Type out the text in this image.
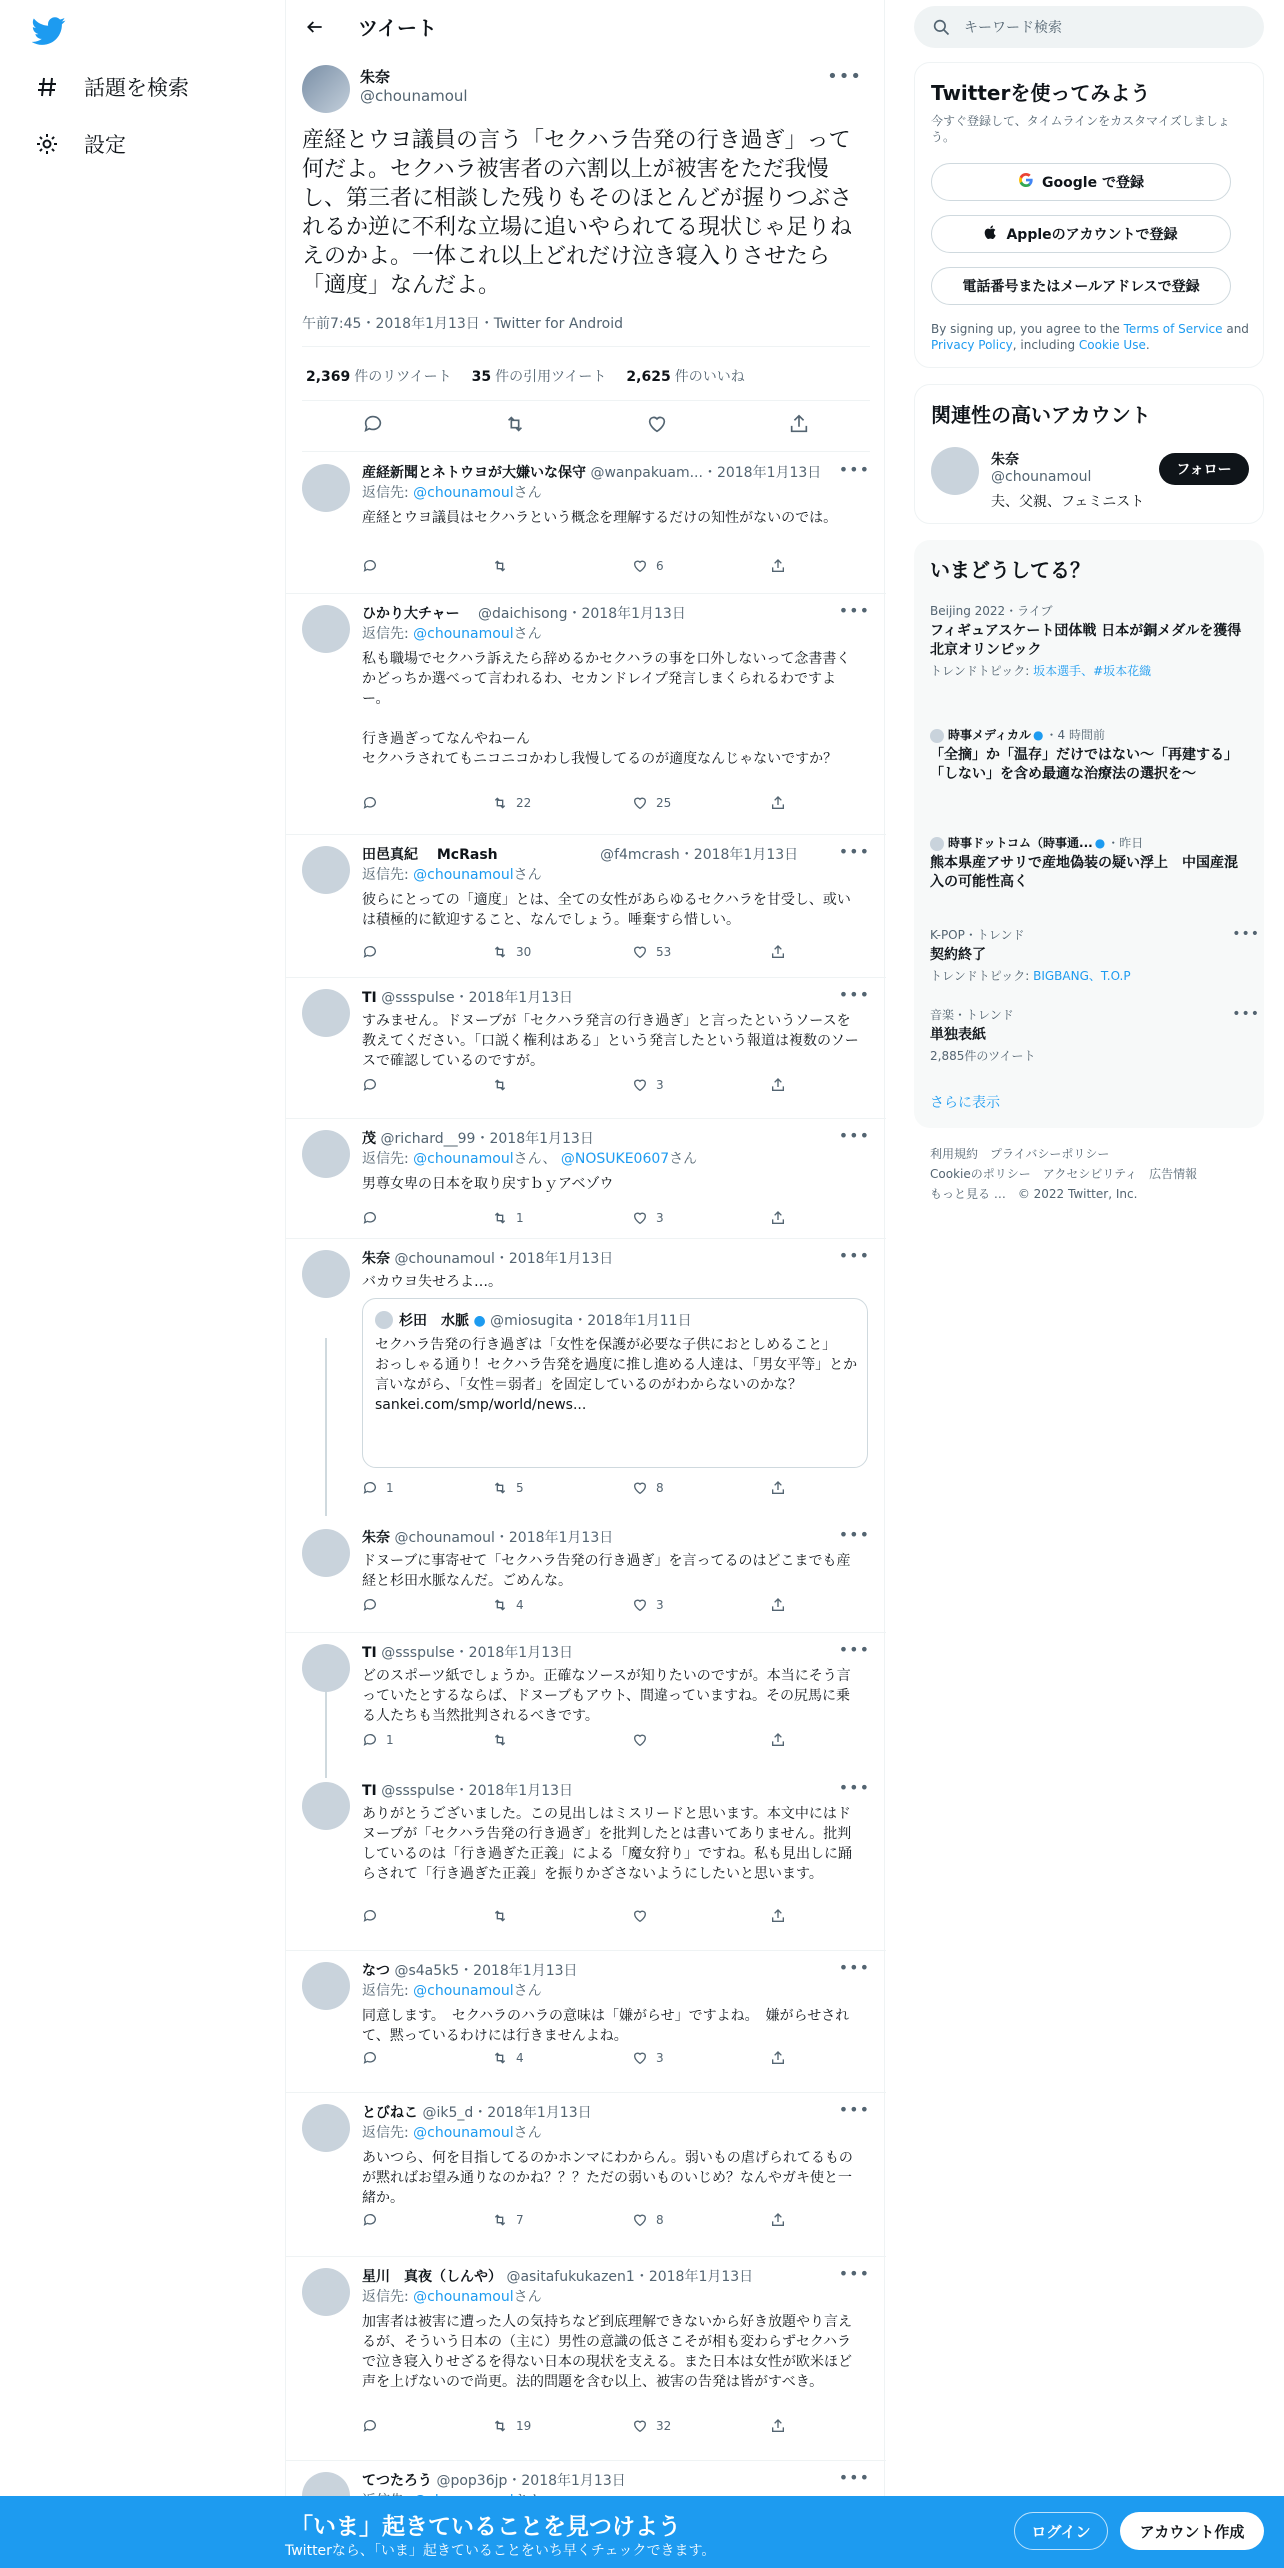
話題を検索
設定
ツイート
朱奈
@chounamoul
•••
産経とウヨ議員の言う「セクハラ告発の行き過ぎ」って何だよ。セクハラ被害者の六割以上が被害をただ我慢し、第三者に相談した残りもそのほとんどが握りつぶされるか逆に不利な立場に追いやられてる現状じゃ足りねえのかよ。一体これ以上どれだけ泣き寝入りさせたら「適度」なんだよ。
午前7:45・2018年1月13日・Twitter for Android
2,369 件のリツイート 35 件の引用ツイート 2,625 件のいいね
産経新聞とネトウヨが大嫌いな保守 @wanpakuam...・2018年1月13日	•••
返信先: @chounamoulさん
産経とウヨ議員はセクハラという概念を理解するだけの知性がないのでは。
6
ひかり大チャー 　@daichisong・2018年1月13日	•••
返信先: @chounamoulさん
私も職場でセクハラ訴えたら辞めるかセクハラの事を口外しないって念書書くかどっちか選べって言われるわ、セカンドレイプ発言しまくられるわですよー。

行き過ぎってなんやねーん
セクハラされてもニコニコかわし我慢してるのが適度なんじゃないですか？
22	25
田邑真紀　 McRash 　　　　　　　@f4mcrash・2018年1月13日	•••
返信先: @chounamoulさん
彼らにとっての「適度」とは、全ての女性があらゆるセクハラを甘受し、或いは積極的に歓迎すること、なんでしょう。唾棄すら惜しい。
30	53
TI @ssspulse・2018年1月13日	•••
すみません。ドヌーブが「セクハラ発言の行き過ぎ」と言ったというソースを教えてください。「口説く権利はある」という発言したという報道は複数のソースで確認しているのですが。
3
茂 @richard__99・2018年1月13日	•••
返信先: @chounamoulさん、 @NOSUKE0607さん
男尊女卑の日本を取り戻すｂｙアベゾウ
1	3
朱奈 @chounamoul・2018年1月13日	•••
バカウヨ失せろよ…。
杉田　水脈 ● @miosugita・2018年1月11日
セクハラ告発の行き過ぎは「女性を保護が必要な子供におとしめること」
おっしゃる通り！セクハラ告発を過度に推し進める人達は、「男女平等」とか言いながら、「女性＝弱者」を固定しているのがわからないのかな？
sankei.com/smp/world/news...
1	5	8
朱奈 @chounamoul・2018年1月13日	•••
ドヌーブに事寄せて「セクハラ告発の行き過ぎ」を言ってるのはどこまでも産経と杉田水脈なんだ。ごめんな。
4	3
TI @ssspulse・2018年1月13日	•••
どのスポーツ紙でしょうか。正確なソースが知りたいのですが。本当にそう言っていたとするならば、ドヌーブもアウト、間違っていますね。その尻馬に乗る人たちも当然批判されるべきです。
1
TI @ssspulse・2018年1月13日	•••
ありがとうございました。この見出しはミスリードと思います。本文中にはドヌーブが「セクハラ告発の行き過ぎ」を批判したとは書いてありません。批判しているのは「行き過ぎた正義」による「魔女狩り」ですね。私も見出しに踊らされて「行き過ぎた正義」を振りかざさないようにしたいと思います。
なつ @s4a5k5・2018年1月13日	•••
返信先: @chounamoulさん
同意します。　セクハラのハラの意味は「嫌がらせ」ですよね。　嫌がらせされて、黙っているわけには行きませんよね。
4	3
とびねこ @ik5_d・2018年1月13日	•••
返信先: @chounamoulさん
あいつら、何を目指してるのかホンマにわからん。弱いもの虐げられてるものが黙ればお望み通りなのかね？？？ただの弱いものいじめ？なんやガキ使と一緒か。
7	8
星川　真夜（しんや） @asitafukukazen1・2018年1月13日	•••
返信先: @chounamoulさん
加害者は被害に遭った人の気持ちなど到底理解できないから好き放題やり言えるが、そういう日本の（主に）男性の意識の低さこそが相も変わらずセクハラで泣き寝入りせざるを得ない日本の現状を支える。また日本は女性が欧米ほど声を上げないので尚更。法的問題を含む以上、被害の告発は皆がすべき。
19	32
てつたろう @pop36jp・2018年1月13日	•••
キーワード検索
Twitterを使ってみよう
今すぐ登録して、タイムラインをカスタマイズしましょう。
Google で登録
Appleのアカウントで登録
電話番号またはメールアドレスで登録
By signing up, you agree to the Terms of Service and Privacy Policy, including Cookie Use.
関連性の高いアカウント
朱奈
@chounamoul
夫、父親、フェミニスト
フォロー
いまどうしてる？
Beijing 2022・ライブ
フィギュアスケート団体戦 日本が銅メダルを獲得 北京オリンピック
トレンドトピック: 坂本選手、#坂本花織
時事メディカル ● ・4 時間前
「全摘」か「温存」だけではない～「再建する」「しない」を含め最適な治療法の選択を～
時事ドットコム（時事通... ● ・昨日
熊本県産アサリで産地偽装の疑い浮上　中国産混入の可能性高く
K-POP・トレンド
契約終了
トレンドトピック: BIGBANG、T.O.P
•••
音楽・トレンド
単独表紙
2,885件のツイート
•••
さらに表示
利用規約　プライバシーポリシー
Cookieのポリシー　アクセシビリティ　広告情報
もっと見る …　© 2022 Twitter, Inc.
「いま」起きていることを見つけよう
Twitterなら、「いま」起きていることをいち早くチェックできます。
ログイン	アカウント作成
